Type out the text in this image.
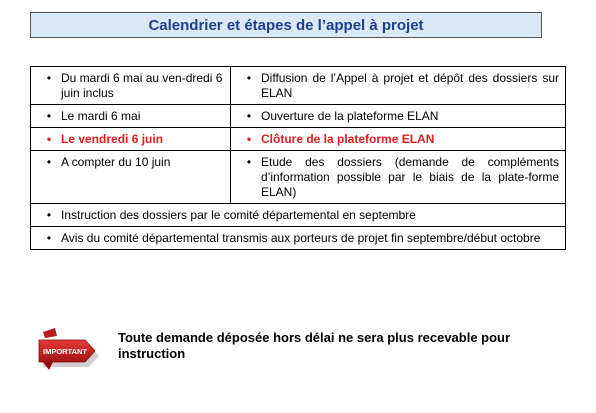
Calendrier et étapes de l’appel à projet
• Du mardi 6 mai au ven-dredi 6 juin inclus	• Diffusion de l’Appel à projet et dépôt des dossiers sur ELAN

• Le mardi 6 mai	• Ouverture de la plateforme ELAN

• Le vendredi 6 juin	• Clôture de la plateforme ELAN

• A compter du 10 juin	• Etude des dossiers (demande de compléments d’information possible par le biais de la plate-forme ELAN)

• Instruction des dossiers par le comité départemental en septembre	

• Avis du comité départemental transmis aux porteurs de projet fin septembre/début octobre	
IMPORTANT
Toute demande déposée hors délai ne sera plus recevable pour instruction
